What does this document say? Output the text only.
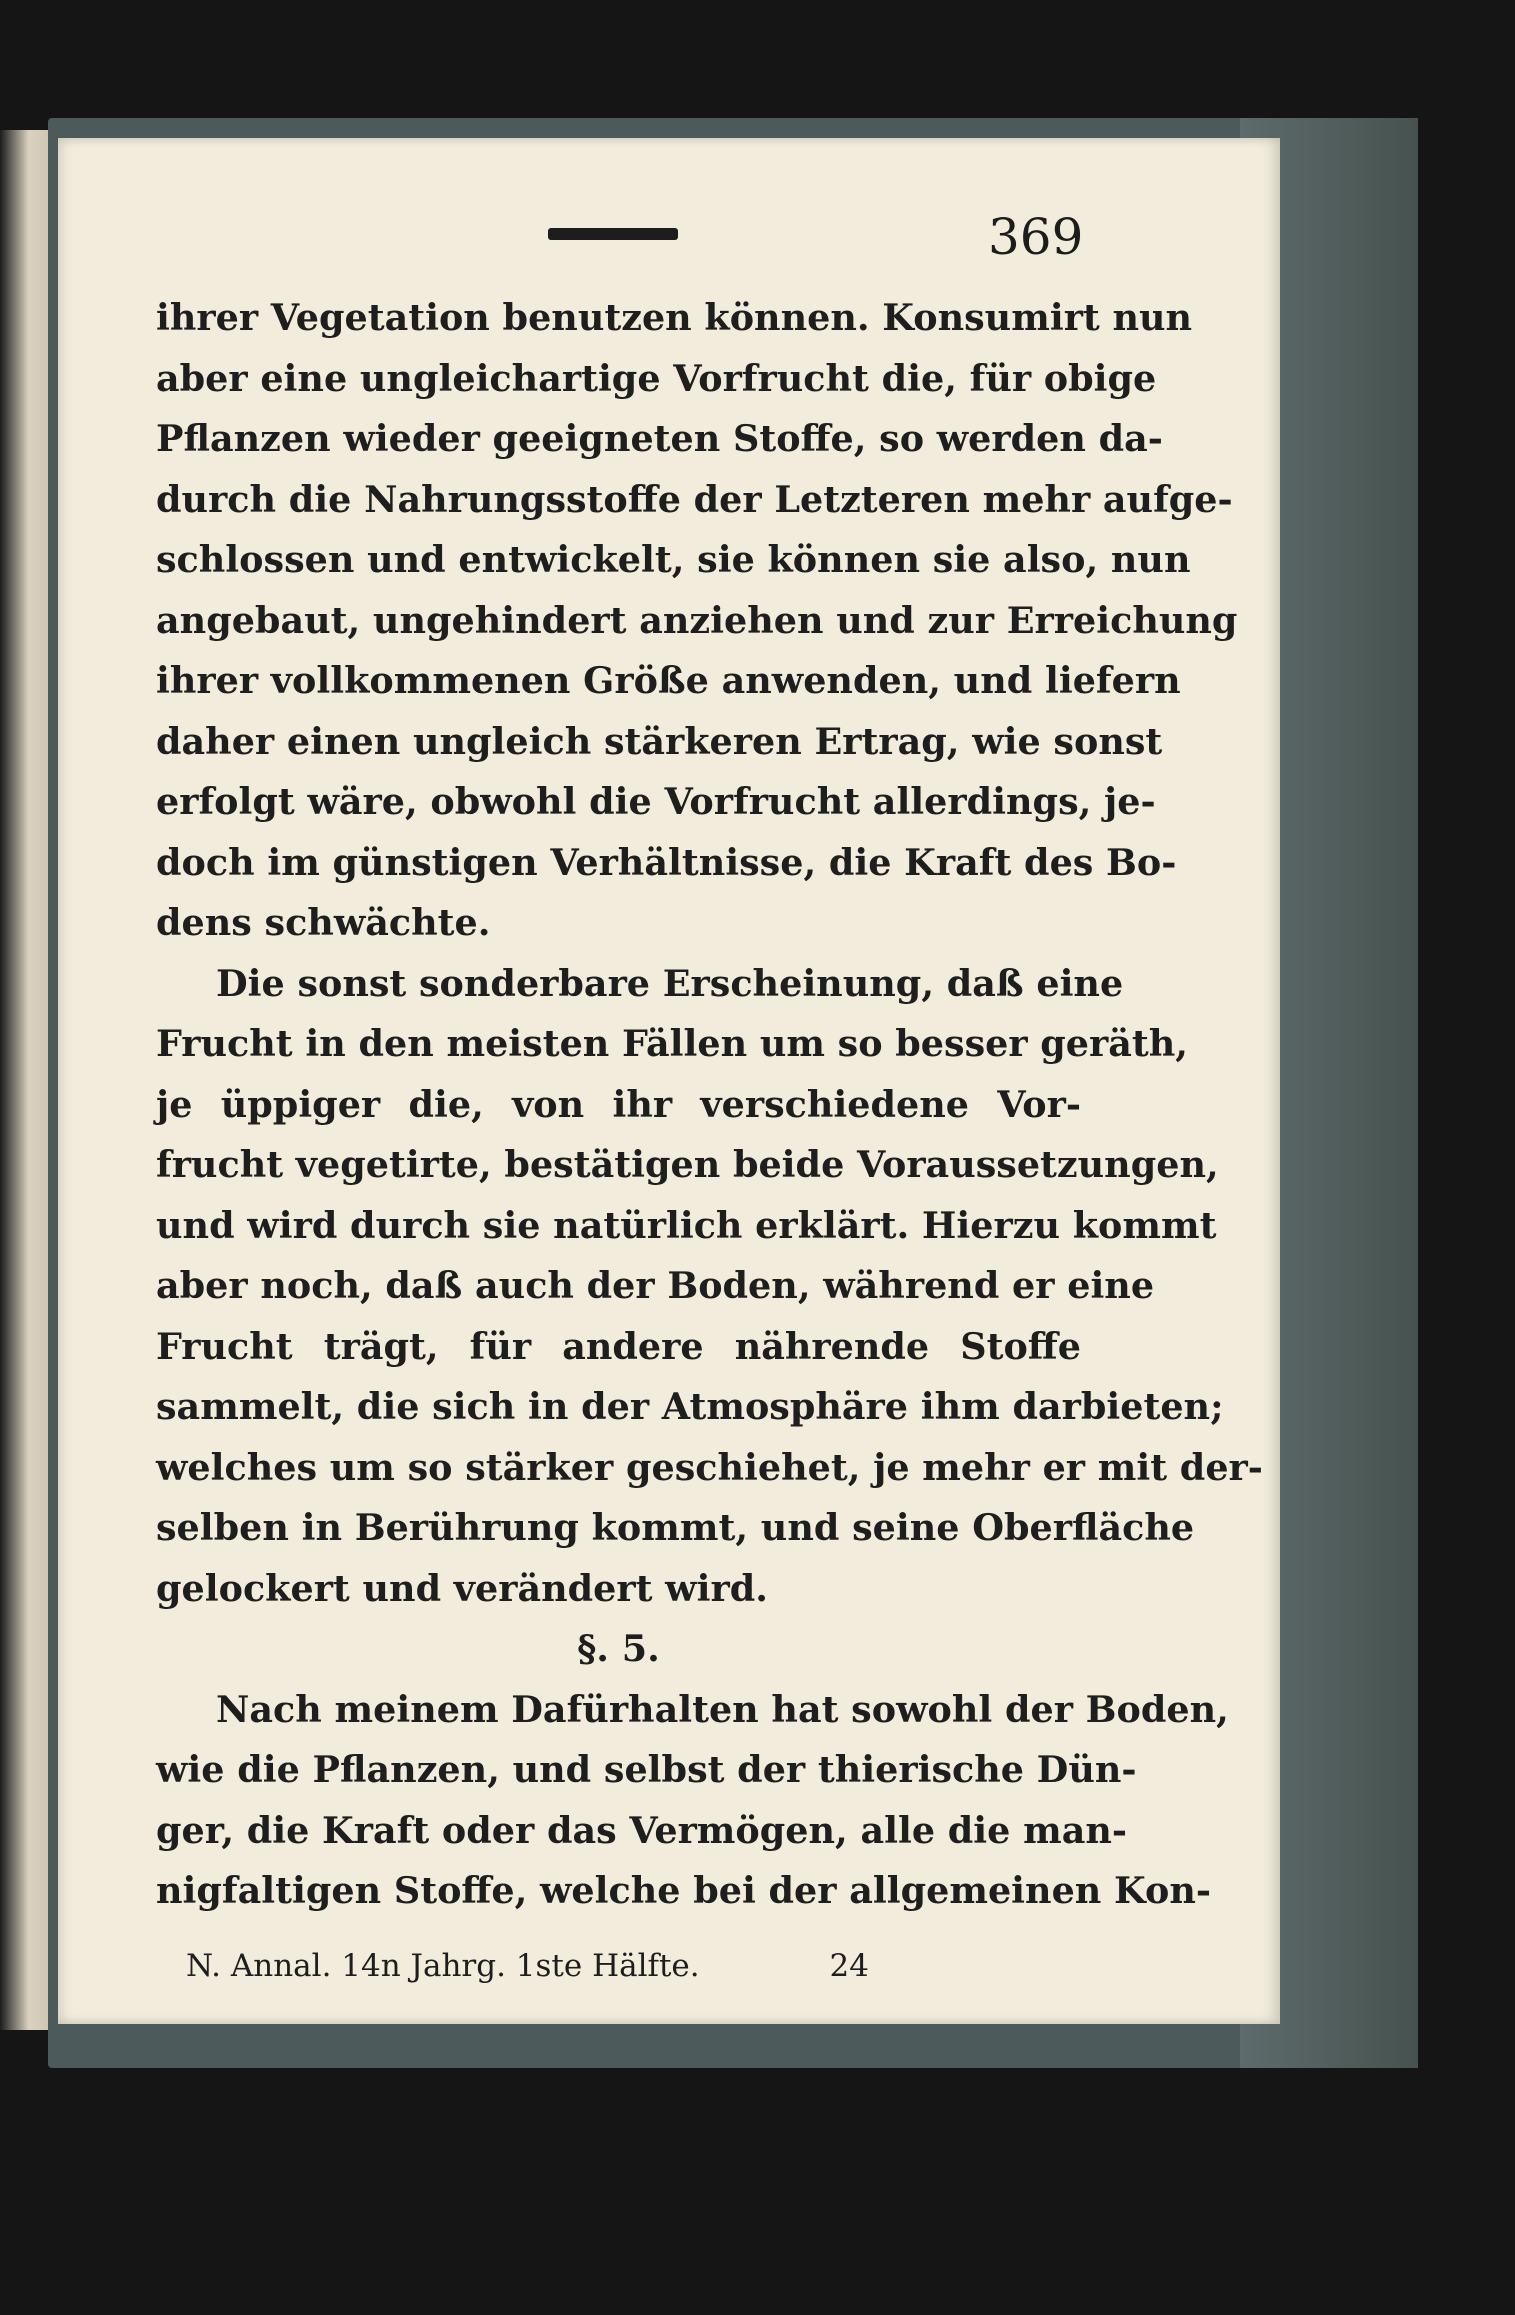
369
ihrer Vegetation benutzen können. Konsumirt nun
aber eine ungleichartige Vorfrucht die, für obige
Pflanzen wieder geeigneten Stoffe, so werden da-
durch die Nahrungsstoffe der Letzteren mehr aufge-
schlossen und entwickelt, sie können sie also, nun
angebaut, ungehindert anziehen und zur Erreichung
ihrer vollkommenen Größe anwenden, und liefern
daher einen ungleich stärkeren Ertrag, wie sonst
erfolgt wäre, obwohl die Vorfrucht allerdings, je-
doch im günstigen Verhältnisse, die Kraft des Bo-
dens schwächte.
Die sonst sonderbare Erscheinung, daß eine
Frucht in den meisten Fällen um so besser geräth,
je üppiger die, von ihr verschiedene Vor-
frucht vegetirte, bestätigen beide Voraussetzungen,
und wird durch sie natürlich erklärt. Hierzu kommt
aber noch, daß auch der Boden, während er eine
Frucht trägt, für andere nährende Stoffe
sammelt, die sich in der Atmosphäre ihm darbieten;
welches um so stärker geschiehet, je mehr er mit der-
selben in Berührung kommt, und seine Oberfläche
gelockert und verändert wird.
§. 5.
Nach meinem Dafürhalten hat sowohl der Boden,
wie die Pflanzen, und selbst der thierische Dün-
ger, die Kraft oder das Vermögen, alle die man-
nigfaltigen Stoffe, welche bei der allgemeinen Kon-
N. Annal. 14n Jahrg. 1ste Hälfte.	24
